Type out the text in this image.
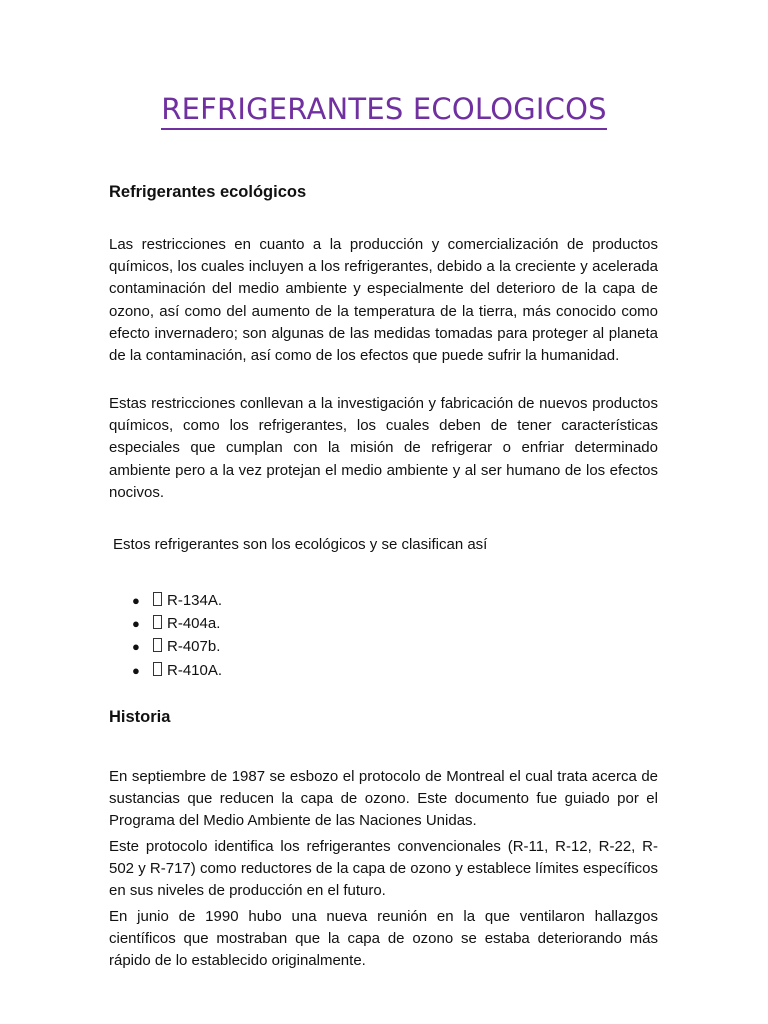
REFRIGERANTES ECOLOGICOS
Refrigerantes ecológicos
Las restricciones en cuanto a la producción y comercialización de productos químicos, los cuales incluyen a los refrigerantes, debido a la creciente y acelerada contaminación del medio ambiente y especialmente del deterioro de la capa de ozono, así como del aumento de la temperatura de la tierra, más conocido como efecto invernadero; son algunas de las medidas tomadas para proteger al planeta de la contaminación, así como de los efectos que puede sufrir la humanidad.
Estas restricciones conllevan a la investigación y fabricación de nuevos productos químicos, como los refrigerantes, los cuales deben de tener características especiales que cumplan con la misión de refrigerar o enfriar determinado ambiente pero a la vez protejan el medio ambiente y al ser humano de los efectos nocivos.
Estos refrigerantes son los ecológicos y se clasifican así
● R-134A.
● R-404a.
● R-407b.
● R-410A.
Historia
En septiembre de 1987 se esbozo el protocolo de Montreal el cual trata acerca de sustancias que reducen la capa de ozono. Este documento fue guiado por el Programa del Medio Ambiente de las Naciones Unidas.
Este protocolo identifica los refrigerantes convencionales (R-11, R-12, R-22, R-502 y R-717) como reductores de la capa de ozono y establece límites específicos en sus niveles de producción en el futuro.
En junio de 1990 hubo una nueva reunión en la que ventilaron hallazgos científicos que mostraban que la capa de ozono se estaba deteriorando más rápido de lo establecido originalmente.
